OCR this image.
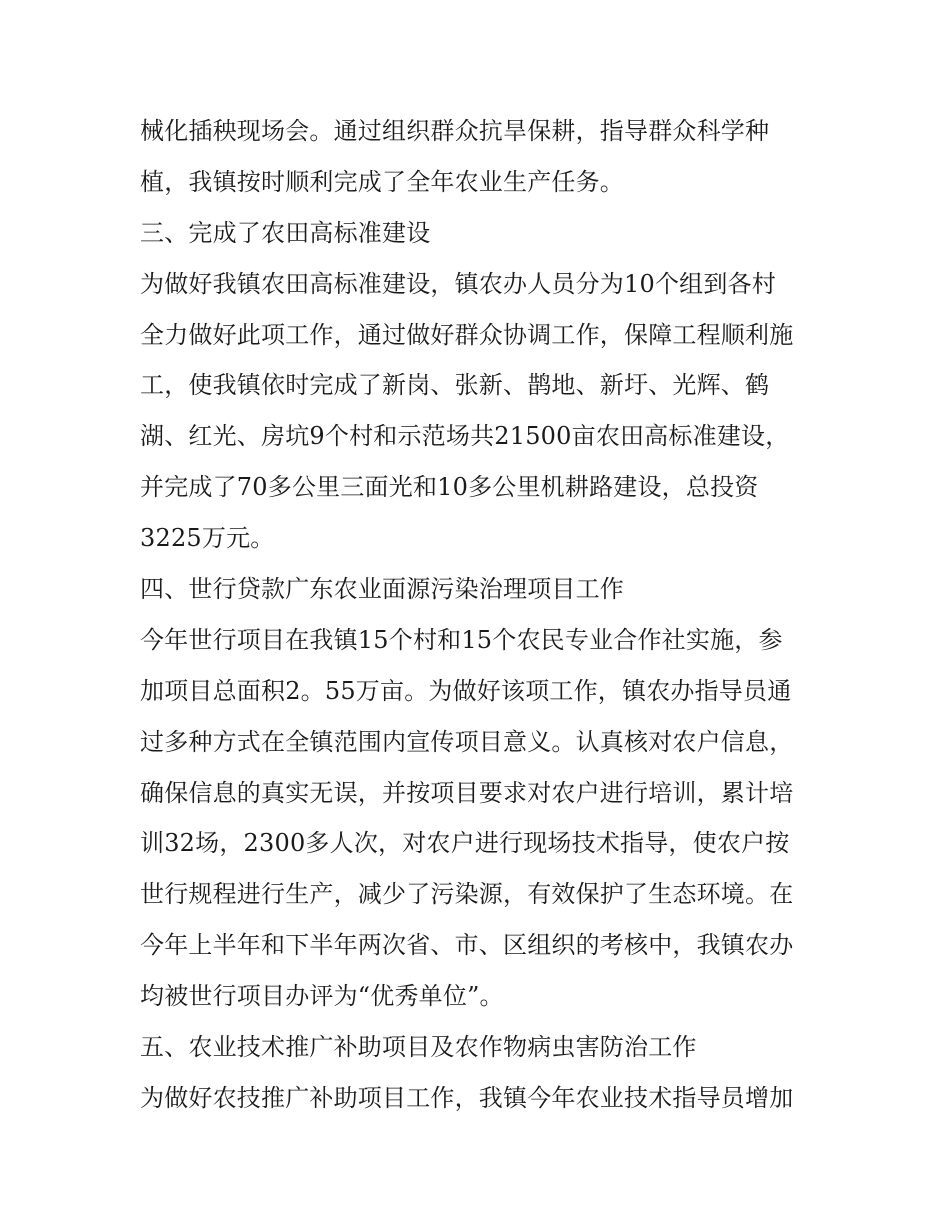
械化插秧现场会。通过组织群众抗旱保耕，指导群众科学种
植，我镇按时顺利完成了全年农业生产任务。
三、完成了农田高标准建设
为做好我镇农田高标准建设，镇农办人员分为10个组到各村
全力做好此项工作，通过做好群众协调工作，保障工程顺利施
工，使我镇依时完成了新岗、张新、鹊地、新圩、光辉、鹤
湖、红光、房坑9个村和示范场共21500亩农田高标准建设，
并完成了70多公里三面光和10多公里机耕路建设，总投资
3225万元。
四、世行贷款广东农业面源污染治理项目工作
今年世行项目在我镇15个村和15个农民专业合作社实施，参
加项目总面积2。55万亩。为做好该项工作，镇农办指导员通
过多种方式在全镇范围内宣传项目意义。认真核对农户信息，
确保信息的真实无误，并按项目要求对农户进行培训，累计培
训32场，2300多人次，对农户进行现场技术指导，使农户按
世行规程进行生产，减少了污染源，有效保护了生态环境。在
今年上半年和下半年两次省、市、区组织的考核中，我镇农办
均被世行项目办评为“优秀单位”。
五、农业技术推广补助项目及农作物病虫害防治工作
为做好农技推广补助项目工作，我镇今年农业技术指导员增加
